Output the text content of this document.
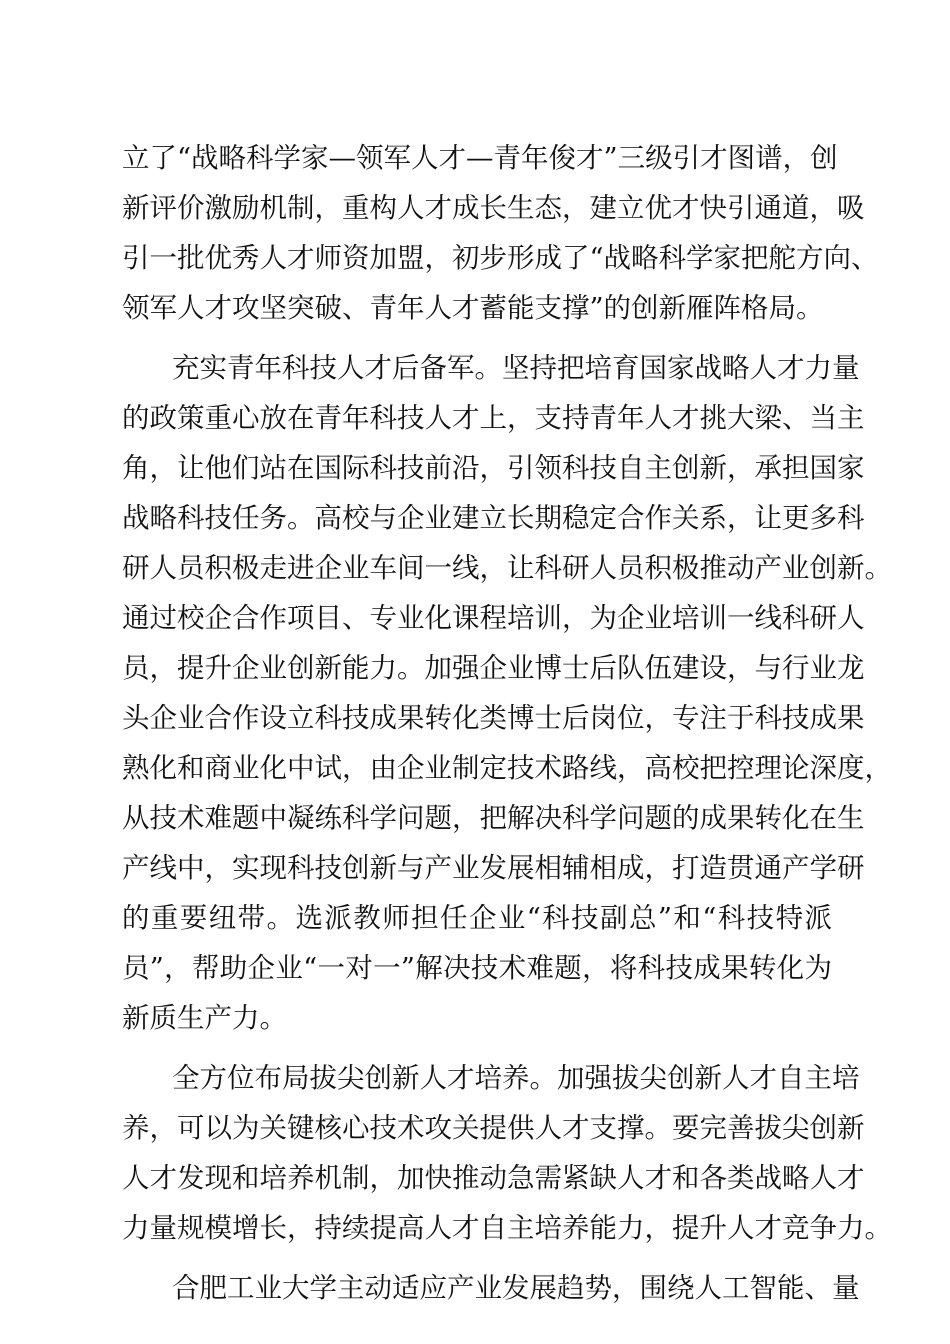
立了“战略科学家—领军人才—青年俊才”三级引才图谱，创
新评价激励机制，重构人才成长生态，建立优才快引通道，吸
引一批优秀人才师资加盟，初步形成了“战略科学家把舵方向、
领军人才攻坚突破、青年人才蓄能支撑”的创新雁阵格局。
充实青年科技人才后备军。坚持把培育国家战略人才力量
的政策重心放在青年科技人才上，支持青年人才挑大梁、当主
角，让他们站在国际科技前沿，引领科技自主创新，承担国家
战略科技任务。高校与企业建立长期稳定合作关系，让更多科
研人员积极走进企业车间一线，让科研人员积极推动产业创新。
通过校企合作项目、专业化课程培训，为企业培训一线科研人
员，提升企业创新能力。加强企业博士后队伍建设，与行业龙
头企业合作设立科技成果转化类博士后岗位，专注于科技成果
熟化和商业化中试，由企业制定技术路线，高校把控理论深度，
从技术难题中凝练科学问题，把解决科学问题的成果转化在生
产线中，实现科技创新与产业发展相辅相成，打造贯通产学研
的重要纽带。选派教师担任企业“科技副总”和“科技特派
员”，帮助企业“一对一”解决技术难题，将科技成果转化为
新质生产力。
全方位布局拔尖创新人才培养。加强拔尖创新人才自主培
养，可以为关键核心技术攻关提供人才支撑。要完善拔尖创新
人才发现和培养机制，加快推动急需紧缺人才和各类战略人才
力量规模增长，持续提高人才自主培养能力，提升人才竞争力。
合肥工业大学主动适应产业发展趋势，围绕人工智能、量
